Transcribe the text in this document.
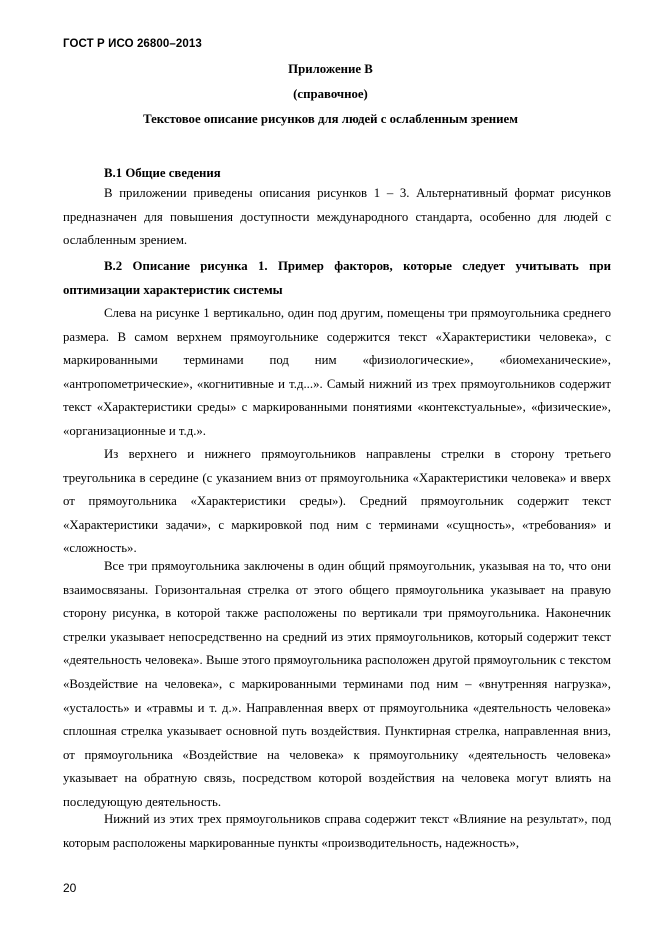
ГОСТ Р ИСО 26800–2013
Приложение В
(справочное)
Текстовое описание рисунков для людей с ослабленным зрением
В.1 Общие сведения
В приложении приведены описания рисунков 1 – 3. Альтернативный формат рисунков предназначен для повышения доступности международного стандарта, особенно для людей с ослабленным зрением.
В.2 Описание рисунка 1. Пример факторов, которые следует учитывать при оптимизации характеристик системы
Слева на рисунке 1 вертикально, один под другим, помещены три прямоугольника среднего размера. В самом верхнем прямоугольнике содержится текст «Характеристики человека», с маркированными терминами под ним «физиологические», «биомеханические», «антропометрические», «когнитивные и т.д...». Самый нижний из трех прямоугольников содержит текст «Характеристики среды» с маркированными понятиями «контекстуальные», «физические», «организационные и т.д.».
Из верхнего и нижнего прямоугольников направлены стрелки в сторону третьего треугольника в середине (с указанием вниз от прямоугольника «Характеристики человека» и вверх от прямоугольника «Характеристики среды»). Средний прямоугольник содержит текст «Характеристики задачи», с маркировкой под ним с терминами «сущность», «требования» и «сложность».
Все три прямоугольника заключены в один общий прямоугольник, указывая на то, что они взаимосвязаны. Горизонтальная стрелка от этого общего прямоугольника указывает на правую сторону рисунка, в которой также расположены по вертикали три прямоугольника. Наконечник стрелки указывает непосредственно на средний из этих прямоугольников, который содержит текст «деятельность человека». Выше этого прямоугольника расположен другой прямоугольник с текстом «Воздействие на человека», с маркированными терминами под ним – «внутренняя нагрузка», «усталость» и «травмы и т. д.». Направленная вверх от прямоугольника «деятельность человека» сплошная стрелка указывает основной путь воздействия. Пунктирная стрелка, направленная вниз, от прямоугольника «Воздействие на человека» к прямоугольнику «деятельность человека» указывает на обратную связь, посредством которой воздействия на человека могут влиять на последующую деятельность.
Нижний из этих трех прямоугольников справа содержит текст «Влияние на результат», под которым расположены маркированные пункты «производительность, надежность»,
20
